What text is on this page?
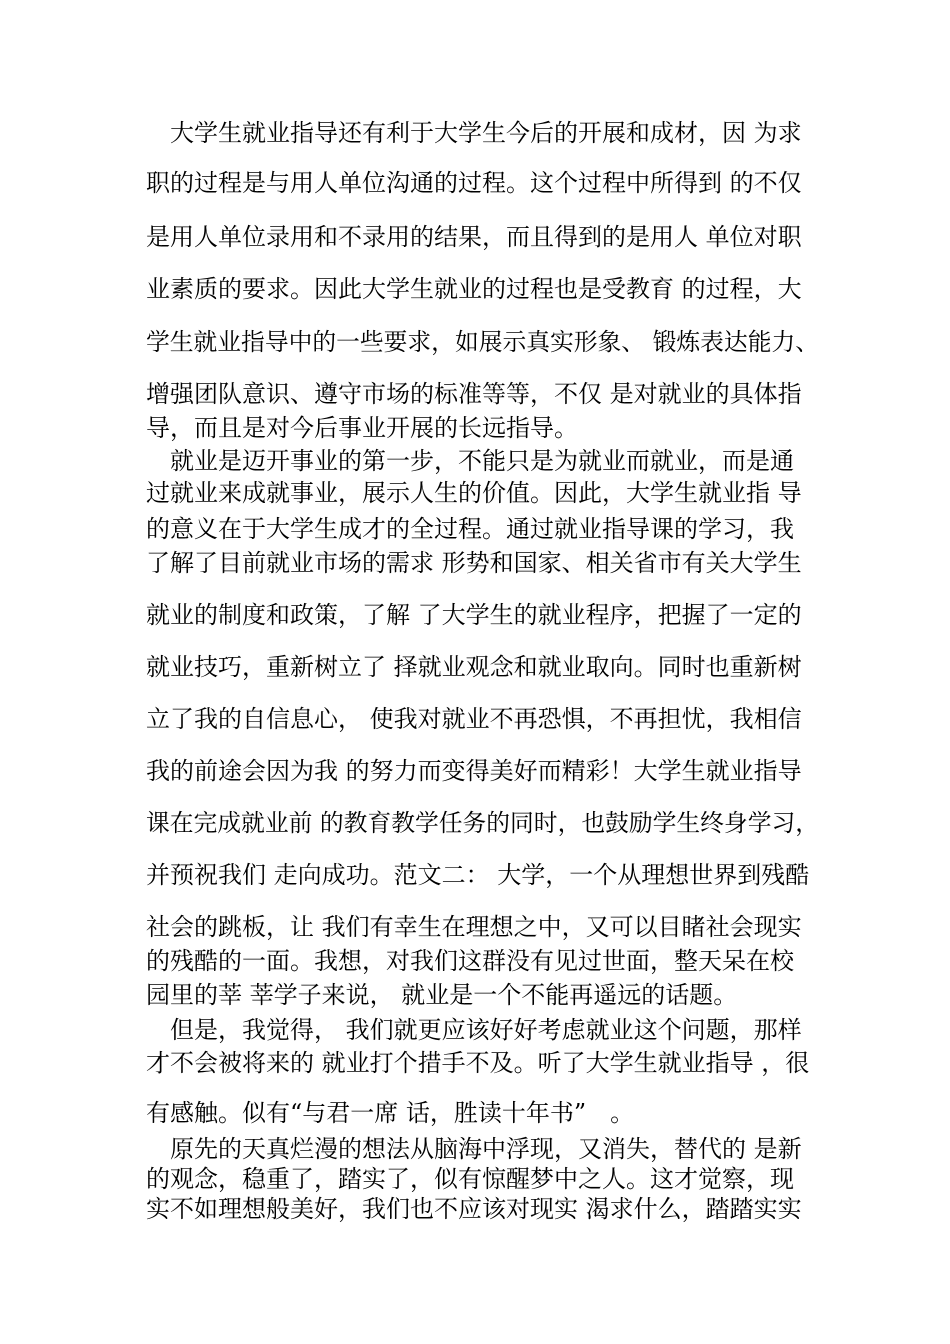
　大学生就业指导还有利于大学生今后的开展和成材，因 为求
职的过程是与用人单位沟通的过程。这个过程中所得到 的不仅
是用人单位录用和不录用的结果，而且得到的是用人 单位对职
业素质的要求。因此大学生就业的过程也是受教育 的过程，大
学生就业指导中的一些要求，如展示真实形象、 锻炼表达能力、
增强团队意识、遵守市场的标准等等，不仅 是对就业的具体指
导，而且是对今后事业开展的长远指导。
　就业是迈开事业的第一步，不能只是为就业而就业，而是通
过就业来成就事业，展示人生的价值。因此，大学生就业指 导
的意义在于大学生成才的全过程。通过就业指导课的学习，我
了解了目前就业市场的需求 形势和国家、相关省市有关大学生
就业的制度和政策，了解 了大学生的就业程序，把握了一定的
就业技巧，重新树立了 择就业观念和就业取向。同时也重新树
立了我的自信息心， 使我对就业不再恐惧，不再担忧，我相信
我的前途会因为我 的努力而变得美好而精彩！大学生就业指导
课在完成就业前 的教育教学任务的同时，也鼓励学生终身学习，
并预祝我们 走向成功。范文二： 大学，一个从理想世界到残酷
社会的跳板，让 我们有幸生在理想之中，又可以目睹社会现实
的残酷的一面。我想，对我们这群没有见过世面，整天呆在校
园里的莘 莘学子来说， 就业是一个不能再遥远的话题。
　但是，我觉得， 我们就更应该好好考虑就业这个问题，那样
才不会被将来的 就业打个措手不及。听了大学生就业指导 ，很
有感触。似有“与君一席 话，胜读十年书”　。
　原先的天真烂漫的想法从脑海中浮现，又消失，替代的 是新
的观念，稳重了，踏实了，似有惊醒梦中之人。这才觉察，现
实不如理想般美好，我们也不应该对现实 渴求什么，踏踏实实
